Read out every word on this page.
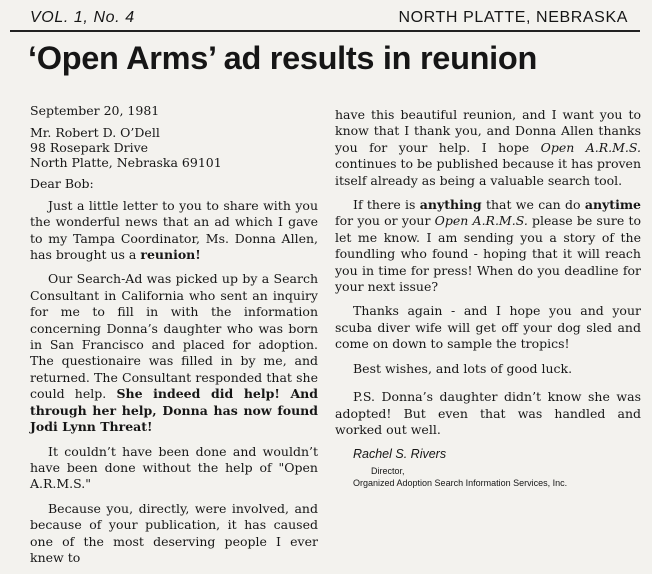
VOL. 1, No. 4	NORTH PLATTE, NEBRASKA
‘Open Arms’ ad results in reunion

September 20, 1981

Mr. Robert D. O’Dell
98 Rosepark Drive
North Platte, Nebraska 69101

Dear Bob:

Just a little letter to you to share with you the wonderful news that an ad which I gave to my Tampa Coordinator, Ms. Donna Allen, has brought us a reunion!

Our Search-Ad was picked up by a Search Consultant in California who sent an inquiry for me to fill in with the information concerning Donna’s daughter who was born in San Francisco and placed for adoption. The questionaire was filled in by me, and returned. The Consultant responded that she could help. She indeed did help! And through her help, Donna has now found Jodi Lynn Threat!

It couldn’t have been done and wouldn’t have been done without the help of "Open A.R.M.S."

Because you, directly, were involved, and because of your publication, it has caused one of the most deserving people I ever knew to

have this beautiful reunion, and I want you to know that I thank you, and Donna Allen thanks you for your help. I hope Open A.R.M.S. continues to be published because it has proven itself already as being a valuable search tool.

If there is anything that we can do anytime for you or your Open A.R.M.S. please be sure to let me know. I am sending you a story of the foundling who found - hoping that it will reach you in time for press! When do you deadline for your next issue?

Thanks again - and I hope you and your scuba diver wife will get off your dog sled and come on down to sample the tropics!

Best wishes, and lots of good luck.

P.S. Donna’s daughter didn’t know she was adopted! But even that was handled and worked out well.

Rachel S. Rivers
Director,
Organized Adoption Search Information Services, Inc.
